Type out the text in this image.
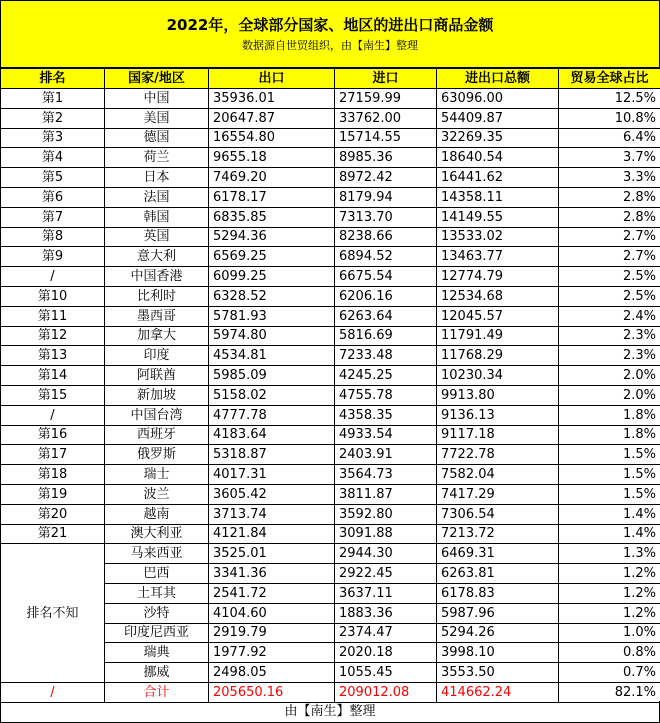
2022年，全球部分国家、地区的进出口商品金额
数据源自世贸组织，由【南生】整理
排名	国家/地区	出口	进口	进出口总额	贸易全球占比
第1	中国	35936.01	27159.99	63096.00	12.5%
第2	美国	20647.87	33762.00	54409.87	10.8%
第3	德国	16554.80	15714.55	32269.35	6.4%
第4	荷兰	9655.18	8985.36	18640.54	3.7%
第5	日本	7469.20	8972.42	16441.62	3.3%
第6	法国	6178.17	8179.94	14358.11	2.8%
第7	韩国	6835.85	7313.70	14149.55	2.8%
第8	英国	5294.36	8238.66	13533.02	2.7%
第9	意大利	6569.25	6894.52	13463.77	2.7%
/	中国香港	6099.25	6675.54	12774.79	2.5%
第10	比利时	6328.52	6206.16	12534.68	2.5%
第11	墨西哥	5781.93	6263.64	12045.57	2.4%
第12	加拿大	5974.80	5816.69	11791.49	2.3%
第13	印度	4534.81	7233.48	11768.29	2.3%
第14	阿联酋	5985.09	4245.25	10230.34	2.0%
第15	新加坡	5158.02	4755.78	9913.80	2.0%
/	中国台湾	4777.78	4358.35	9136.13	1.8%
第16	西班牙	4183.64	4933.54	9117.18	1.8%
第17	俄罗斯	5318.87	2403.91	7722.78	1.5%
第18	瑞士	4017.31	3564.73	7582.04	1.5%
第19	波兰	3605.42	3811.87	7417.29	1.5%
第20	越南	3713.74	3592.80	7306.54	1.4%
第21	澳大利亚	4121.84	3091.88	7213.72	1.4%
排名不知	马来西亚	3525.01	2944.30	6469.31	1.3%
	巴西	3341.36	2922.45	6263.81	1.2%
	土耳其	2541.72	3637.11	6178.83	1.2%
	沙特	4104.60	1883.36	5987.96	1.2%
	印度尼西亚	2919.79	2374.47	5294.26	1.0%
	瑞典	1977.92	2020.18	3998.10	0.8%
	挪威	2498.05	1055.45	3553.50	0.7%
/	合计	205650.16	209012.08	414662.24	82.1%
由【南生】整理
